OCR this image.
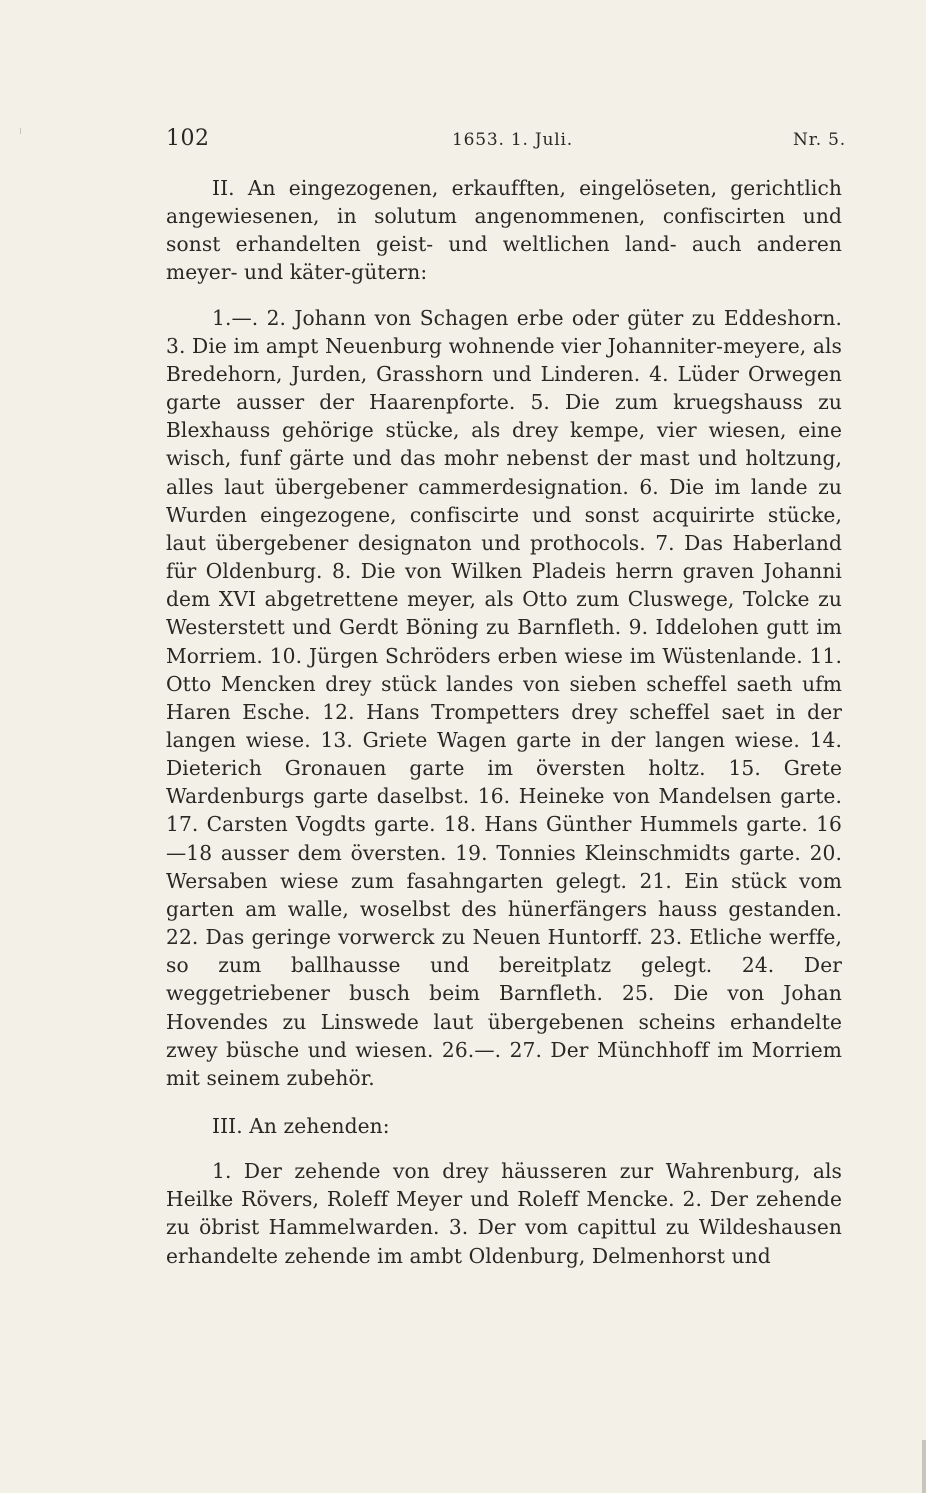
102	1653. 1. Juli.	Nr. 5.

II. An eingezogenen, erkaufften, eingelöseten, gerichtlich angewiesenen, in solutum angenommenen, confiscirten und sonst erhandelten geist- und weltlichen land- auch anderen meyer- und käter-gütern:

1.—. 2. Johann von Schagen erbe oder güter zu Eddeshorn. 3. Die im ampt Neuenburg wohnende vier Johanniter-meyere, als Bredehorn, Jurden, Grasshorn und Linderen. 4. Lüder Orwegen garte ausser der Haarenpforte. 5. Die zum kruegshauss zu Blexhauss gehörige stücke, als drey kempe, vier wiesen, eine wisch, funf gärte und das mohr nebenst der mast und holtzung, alles laut übergebener cammerdesignation. 6. Die im lande zu Wurden eingezogene, confiscirte und sonst acquirirte stücke, laut übergebener designaton und prothocols. 7. Das Haberland für Oldenburg. 8. Die von Wilken Pladeis herrn graven Johanni dem XVI abgetrettene meyer, als Otto zum Cluswege, Tolcke zu Westerstett und Gerdt Böning zu Barnfleth. 9. Iddelohen gutt im Morriem. 10. Jürgen Schröders erben wiese im Wüstenlande. 11. Otto Mencken drey stück landes von sieben scheffel saeth ufm Haren Esche. 12. Hans Trompetters drey scheffel saet in der langen wiese. 13. Griete Wagen garte in der langen wiese. 14. Dieterich Gronauen garte im översten holtz. 15. Grete Wardenburgs garte daselbst. 16. Heineke von Mandelsen garte. 17. Carsten Vogdts garte. 18. Hans Günther Hummels garte. 16—18 ausser dem översten. 19. Tonnies Kleinschmidts garte. 20. Wersaben wiese zum fasahngarten gelegt. 21. Ein stück vom garten am walle, woselbst des hünerfängers hauss gestanden. 22. Das geringe vorwerck zu Neuen Huntorff. 23. Etliche werffe, so zum ballhausse und bereitplatz gelegt. 24. Der weggetriebener busch beim Barnfleth. 25. Die von Johan Hovendes zu Linswede laut übergebenen scheins erhandelte zwey büsche und wiesen. 26.—. 27. Der Münchhoff im Morriem mit seinem zubehör.

III. An zehenden:

1. Der zehende von drey häusseren zur Wahrenburg, als Heilke Rövers, Roleff Meyer und Roleff Mencke. 2. Der zehende zu öbrist Hammelwarden. 3. Der vom capittul zu Wildeshausen erhandelte zehende im ambt Oldenburg, Delmenhorst und
